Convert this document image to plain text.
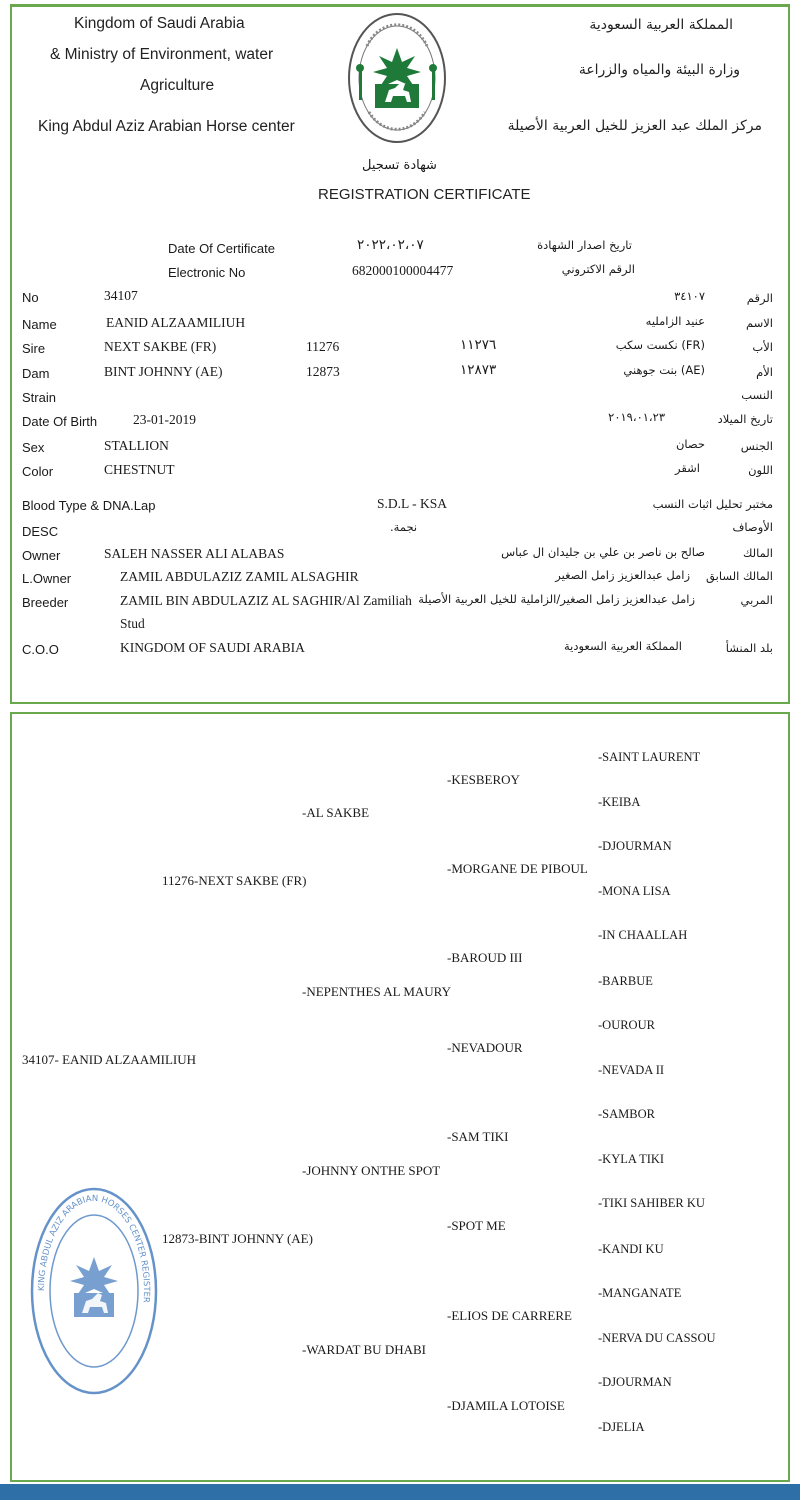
Kingdom of Saudi Arabia
& Ministry of Environment, water
Agriculture
King Abdul Aziz Arabian Horse center
المملكة العربية السعودية
وزارة البيئة والمياه والزراعة
مركز الملك عبد العزيز للخيل العربية الأصيلة
شهادة تسجيل
REGISTRATION CERTIFICATE
Date Of Certificate	٢٠٢٢،٠٢،٠٧	تاريخ اصدار الشهادة
Electronic No	682000100004477	الرقم الاكتروني
No	34107	٣٤١٠٧	الرقم
Name	EANID ALZAAMILIUH	عنيد الزامليه	الاسم
Sire	NEXT SAKBE (FR)	11276	١١٢٧٦	(FR) نكست سكب	الأب
Dam	BINT JOHNNY (AE)	12873	١٢٨٧٣	(AE) بنت جوهني	الأم
Strain	النسب
Date Of Birth	23-01-2019	٢٠١٩،٠١،٢٣	تاريخ الميلاد
Sex	STALLION	حصان	الجنس
Color	CHESTNUT	اشقر	اللون
Blood Type & DNA.Lap	S.D.L - KSA	مختبر تحليل اثبات النسب
DESC	نجمة.	الأوصاف
Owner	SALEH NASSER ALI ALABAS	صالح بن ناصر بن علي بن جليدان ال عباس	المالك
L.Owner	ZAMIL ABDULAZIZ ZAMIL ALSAGHIR	زامل عبدالعزيز زامل الصغير المالك السابق
Breeder	ZAMIL BIN ABDULAZIZ AL SAGHIR/Al Zamiliah
Stud
زامل عبدالعزيز زامل الصغير/الزاملية للخيل العربية الأصيلة	المربي
C.O.O	KINGDOM OF SAUDI ARABIA	المملكة العربية السعودية	بلد المنشأ
34107- EANID ALZAAMILIUH
11276-NEXT SAKBE (FR)
12873-BINT JOHNNY (AE)
-AL SAKBE
-NEPENTHES AL MAURY
-JOHNNY ONTHE SPOT
-WARDAT BU DHABI
-KESBEROY
-MORGANE DE PIBOUL
-BAROUD III
-NEVADOUR
-SAM TIKI
-SPOT ME
-ELIOS DE CARRERE
-DJAMILA LOTOISE
-SAINT LAURENT
-KEIBA
-DJOURMAN
-MONA LISA
-IN CHAALLAH
-BARBUE
-OUROUR
-NEVADA II
-SAMBOR
-KYLA TIKI
-TIKI SAHIBER KU
-KANDI KU
-MANGANATE
-NERVA DU CASSOU
-DJOURMAN
-DJELIA
KING ABDUL AZIZ ARABIAN HORSES CENTER REGISTER
